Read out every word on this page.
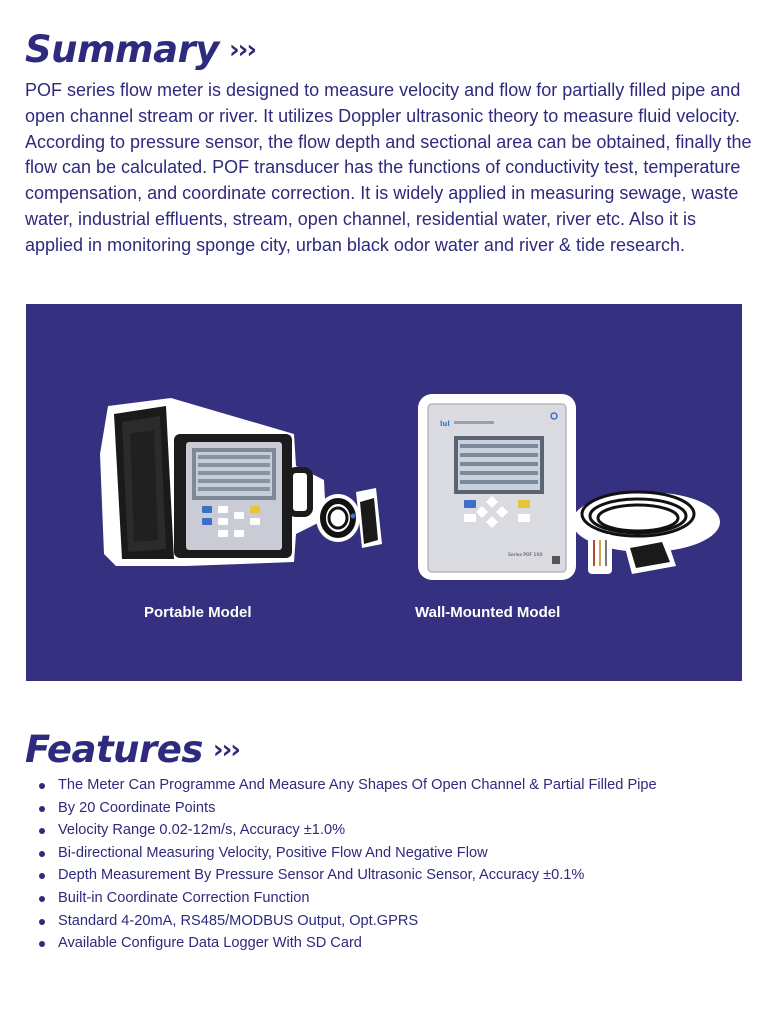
Summary ›››

POF series flow meter is designed to measure velocity and flow for partially filled pipe and open channel stream or river. It utilizes Doppler ultrasonic theory to measure fluid velocity. According to pressure sensor, the flow depth and sectional area can be obtained, finally the flow can be calculated. POF transducer has the functions of conductivity test, temperature compensation, and coordinate correction. It is widely applied in measuring sewage, waste water, industrial effluents, stream, open channel, residential water, river etc. Also it is applied in monitoring sponge city, urban black odor water and river & tide research.

lul
Series POF 1XX
Portable Model	Wall-Mounted Model
Features ›››
The Meter Can Programme And Measure Any Shapes Of Open Channel & Partial Filled Pipe
By 20 Coordinate Points
Velocity Range 0.02-12m/s, Accuracy ±1.0%
Bi-directional Measuring Velocity, Positive Flow And Negative Flow
Depth Measurement By Pressure Sensor And Ultrasonic Sensor, Accuracy ±0.1%
Built-in Coordinate Correction Function
Standard 4-20mA, RS485/MODBUS Output, Opt.GPRS
Available Configure Data Logger With SD Card
